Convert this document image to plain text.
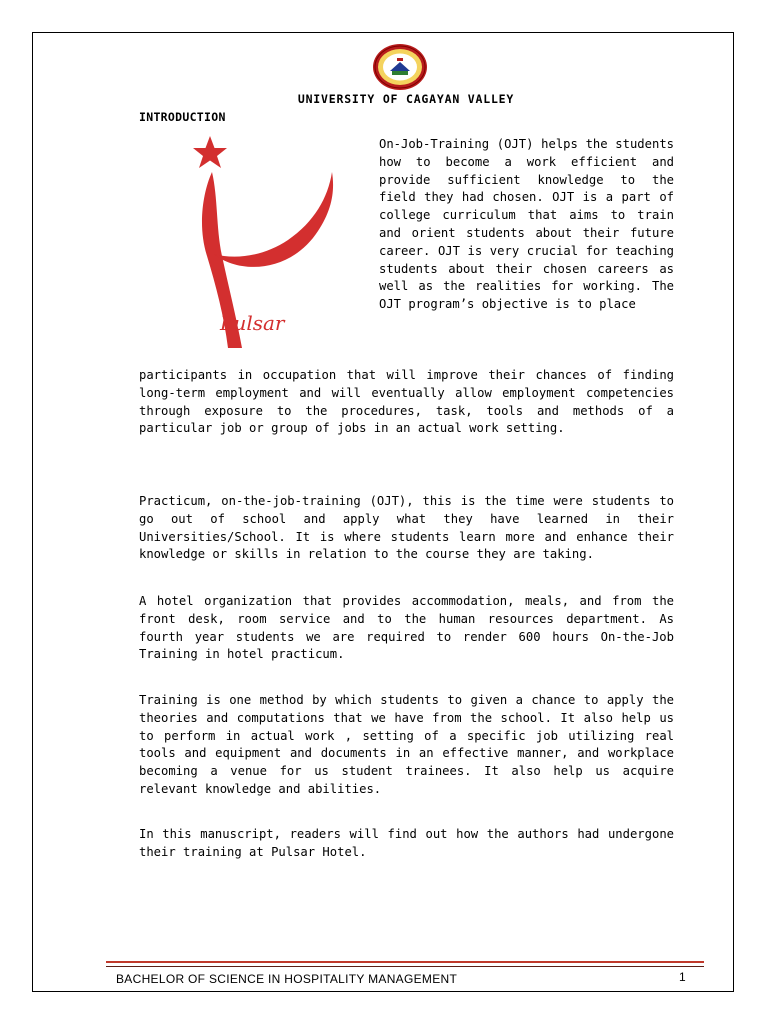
UNIVERSITY OF CAGAYAN VALLEY
INTRODUCTION
Pulsar

On-Job-Training (OJT) helps the students how to become a work efficient and provide sufficient knowledge to the field they had chosen. OJT is a part of college curriculum that aims to train and orient students about their future career. OJT is very crucial for teaching students about their chosen careers as well as the realities for working. The OJT program’s objective is to place

participants in occupation that will improve their chances of finding long-term employment and will eventually allow employment competencies through exposure to the procedures, task, tools and methods of a particular job or group of jobs in an actual work setting.

Practicum, on-the-job-training (OJT), this is the time were students to go out of school and apply what they have learned in their Universities/School. It is where students learn more and enhance their knowledge or skills in relation to the course they are taking.

A hotel organization that provides accommodation, meals, and from the front desk, room service and to the human resources department. As fourth year students we are required to render 600 hours On-the-Job Training in hotel practicum.

Training is one method by which students to given a chance to apply the theories and computations that we have from the school. It also help us to perform in actual work , setting of a specific job utilizing real tools and equipment and documents in an effective manner, and workplace becoming a venue for us student trainees. It also help us acquire relevant knowledge and abilities.

In this manuscript, readers will find out how the authors had undergone their training at Pulsar Hotel.

BACHELOR OF SCIENCE IN HOSPITALITY MANAGEMENT	1
